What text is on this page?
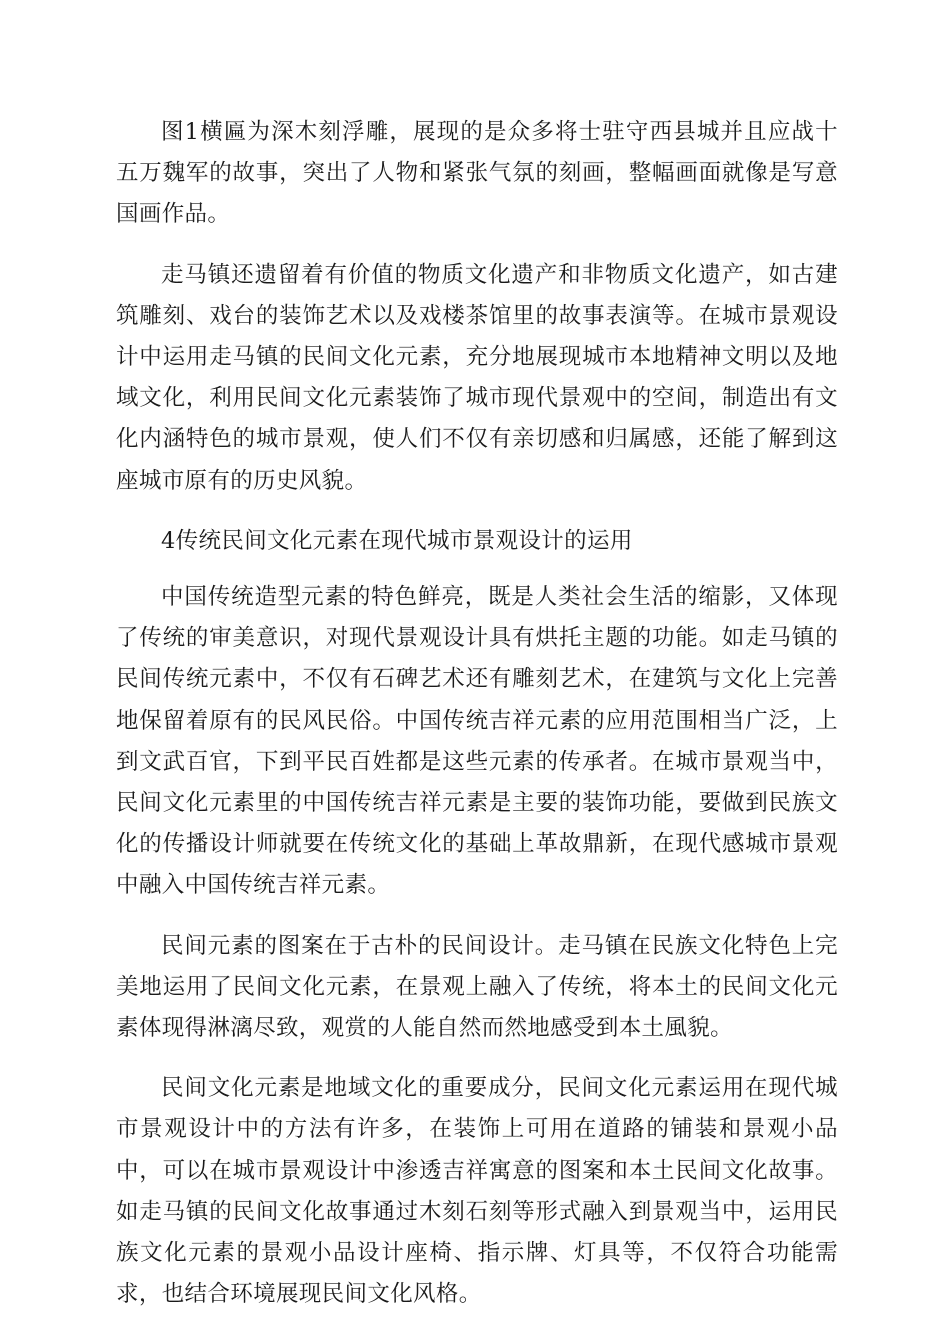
图1横匾为深木刻浮雕，展现的是众多将士驻守西县城并且应战十五万魏军的故事，突出了人物和紧张气氛的刻画，整幅画面就像是写意国画作品。

走马镇还遗留着有价值的物质文化遗产和非物质文化遗产，如古建筑雕刻、戏台的装饰艺术以及戏楼茶馆里的故事表演等。在城市景观设计中运用走马镇的民间文化元素，充分地展现城市本地精神文明以及地域文化，利用民间文化元素装饰了城市现代景观中的空间，制造出有文化内涵特色的城市景观，使人们不仅有亲切感和归属感，还能了解到这座城市原有的历史风貌。

4传统民间文化元素在现代城市景观设计的运用

中国传统造型元素的特色鲜亮，既是人类社会生活的缩影，又体现了传统的审美意识，对现代景观设计具有烘托主题的功能。如走马镇的民间传统元素中，不仅有石碑艺术还有雕刻艺术，在建筑与文化上完善地保留着原有的民风民俗。中国传统吉祥元素的应用范围相当广泛，上到文武百官，下到平民百姓都是这些元素的传承者。在城市景观当中，民间文化元素里的中国传统吉祥元素是主要的装饰功能，要做到民族文化的传播设计师就要在传统文化的基础上革故鼎新，在现代感城市景观中融入中国传统吉祥元素。

民间元素的图案在于古朴的民间设计。走马镇在民族文化特色上完美地运用了民间文化元素，在景观上融入了传统，将本土的民间文化元素体现得淋漓尽致，观赏的人能自然而然地感受到本土風貌。

民间文化元素是地域文化的重要成分，民间文化元素运用在现代城市景观设计中的方法有许多，在装饰上可用在道路的铺装和景观小品中，可以在城市景观设计中渗透吉祥寓意的图案和本土民间文化故事。如走马镇的民间文化故事通过木刻石刻等形式融入到景观当中，运用民族文化元素的景观小品设计座椅、指示牌、灯具等，不仅符合功能需求，也结合环境展现民间文化风格。
